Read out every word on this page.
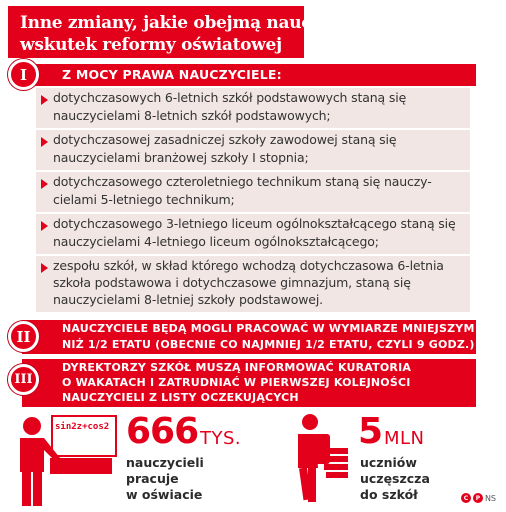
Inne zmiany, jakie obejmą nauczycieli
wskutek reformy oświatowej
Z MOCY PRAWA NAUCZYCIELE:
I
dotychczasowych 6-letnich szkół podstawowych staną się
nauczycielami 8-letnich szkół podstawowych;
dotychczasowej zasadniczej szkoły zawodowej staną się
nauczycielami branżowej szkoły I stopnia;
dotychczasowego czteroletniego technikum staną się nauczy-
cielami 5-letniego technikum;
dotychczasowego 3-letniego liceum ogólnokształcącego staną się
nauczycielami 4-letniego liceum ogólnokształcącego;
zespołu szkół, w skład którego wchodzą dotychczasowa 6-letnia
szkoła podstawowa i dotychczasowe gimnazjum, staną się
nauczycielami 8-letniej szkoły podstawowej.
NAUCZYCIELE BĘDĄ MOGLI PRACOWAĆ W WYMIARZE MNIEJSZYM
NIŻ 1/2 ETATU (OBECNIE CO NAJMNIEJ 1/2 ETATU, CZYLI 9 GODZ.)
II
DYREKTORZY SZKÓŁ MUSZĄ INFORMOWAĆ KURATORIA
O WAKATACH I ZATRUDNIAĆ W PIERWSZEJ KOLEJNOŚCI
NAUCZYCIELI Z LISTY OCZEKUJĄCYCH
III
sin2z+cos2 666 TYS.
nauczycieli
pracuje
w oświacie
5 MLN
uczniów
uczęszcza
do szkół	C	P NS
